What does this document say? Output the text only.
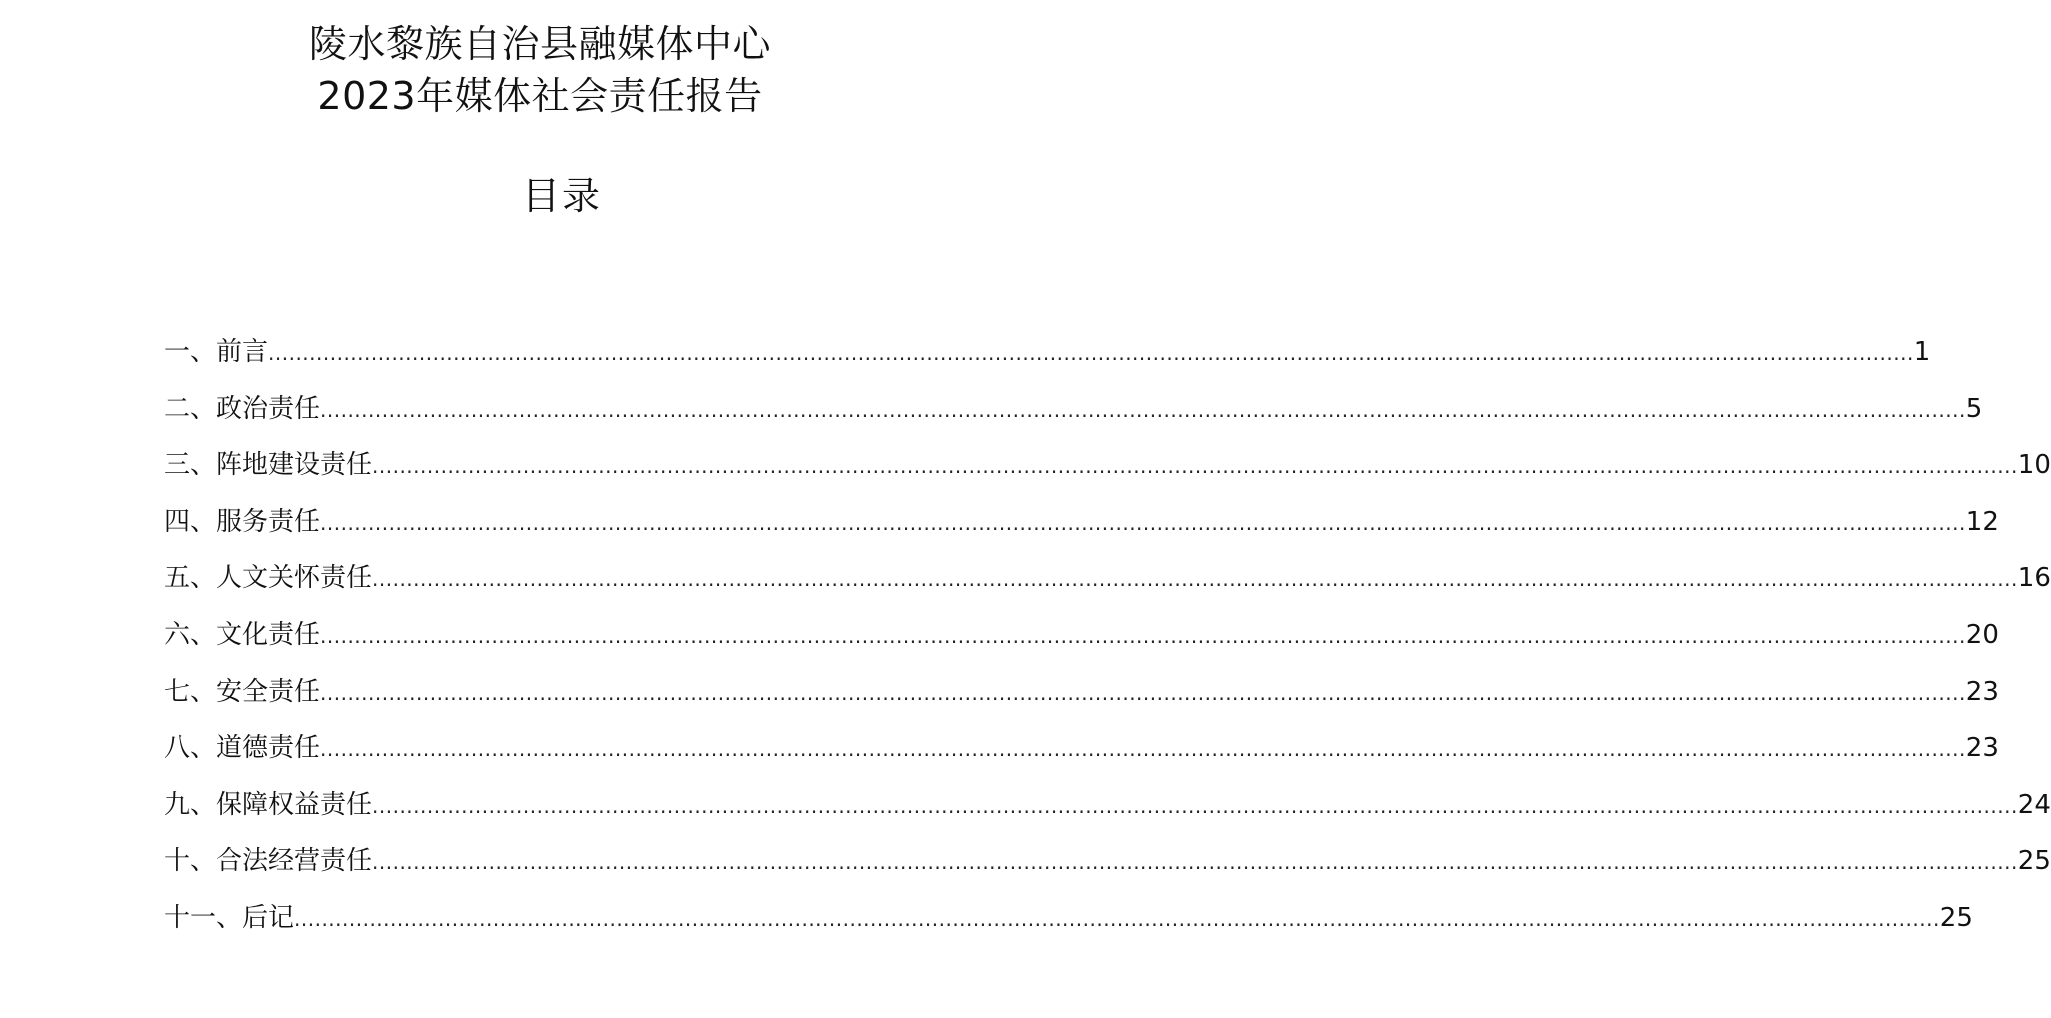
陵水黎族自治县融媒体中心
2023年媒体社会责任报告
目录
一、前言 ................................................................................................................................................................................................................................................ 1
二、政治责任 ................................................................................................................................................................................................................................................ 5
三、阵地建设责任 ................................................................................................................................................................................................................................................ 10
四、服务责任 ................................................................................................................................................................................................................................................ 12
五、人文关怀责任 ................................................................................................................................................................................................................................................ 16
六、文化责任 ................................................................................................................................................................................................................................................ 20
七、安全责任 ................................................................................................................................................................................................................................................ 23
八、道德责任 ................................................................................................................................................................................................................................................ 23
九、保障权益责任 ................................................................................................................................................................................................................................................ 24
十、合法经营责任 ................................................................................................................................................................................................................................................ 25
十一、后记 ................................................................................................................................................................................................................................................ 25
